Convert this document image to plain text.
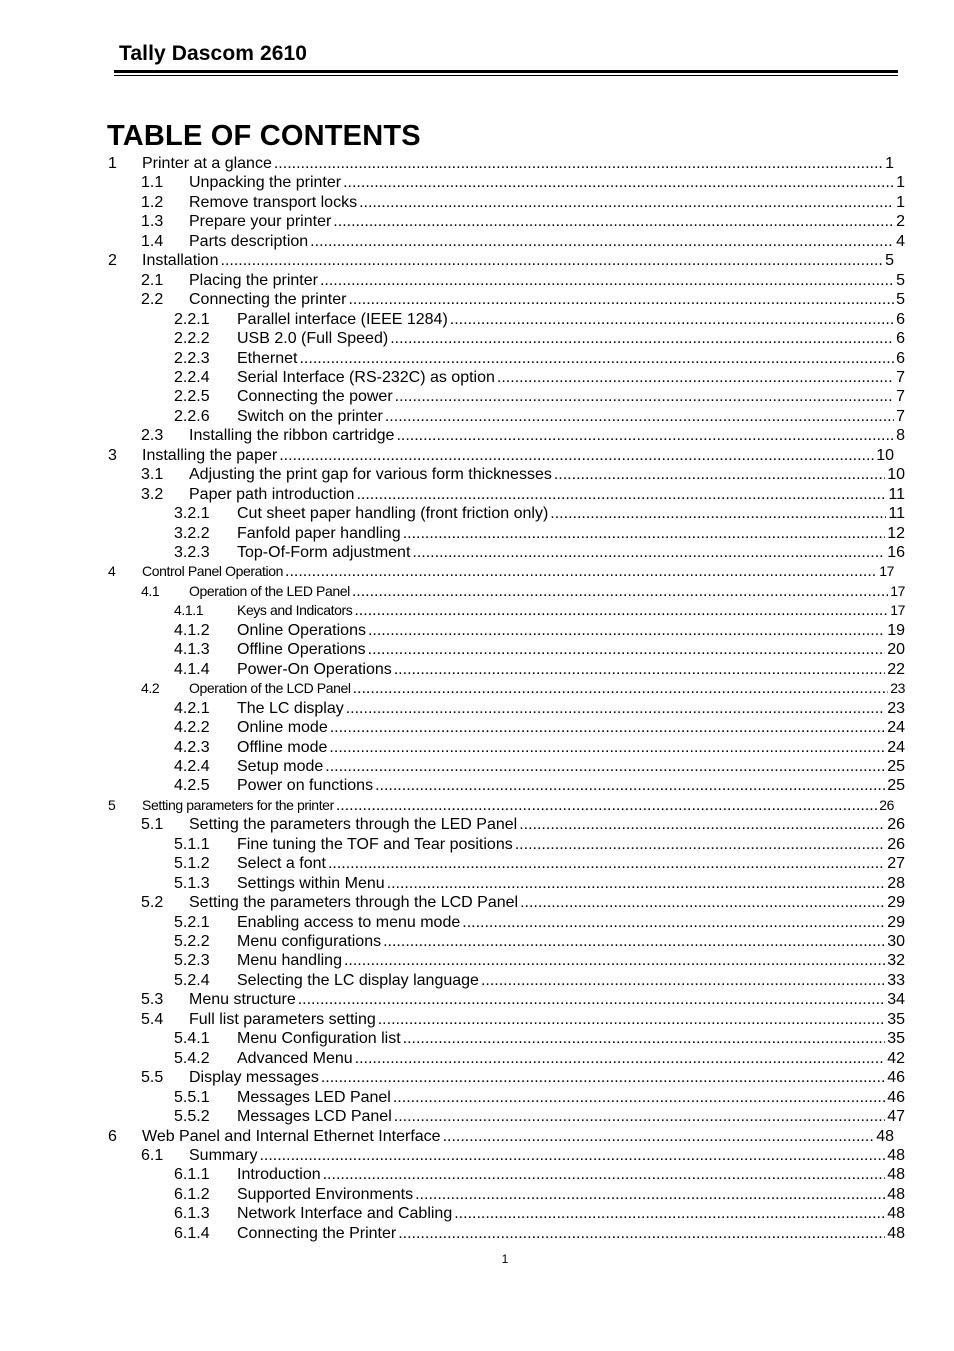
Tally Dascom 2610
TABLE OF CONTENTS
1	Printer at a glance .....	1
1.1	Unpacking the printer .....	1
1.2	Remove transport locks .....	1
1.3	Prepare your printer .....	2
1.4	Parts description .....	4
2	Installation .....	5
2.1	Placing the printer .....	5
2.2	Connecting the printer .....	5
2.2.1	Parallel interface (IEEE 1284) .....	6
2.2.2	USB 2.0 (Full Speed) .....	6
2.2.3	Ethernet .....	6
2.2.4	Serial Interface (RS-232C) as option .....	7
2.2.5	Connecting the power .....	7
2.2.6	Switch on the printer .....	7
2.3	Installing the ribbon cartridge .....	8
3	Installing the paper .....	10
3.1	Adjusting the print gap for various form thicknesses .....	10
3.2	Paper path introduction .....	11
3.2.1	Cut sheet paper handling (front friction only) .....	11
3.2.2	Fanfold paper handling .....	12
3.2.3	Top-Of-Form adjustment .....	16
4	Control Panel Operation .....	17
4.1	Operation of the LED Panel .....	17
4.1.1	Keys and Indicators .....	17
4.1.2	Online Operations .....	19
4.1.3	Offline Operations .....	20
4.1.4	Power-On Operations .....	22
4.2	Operation of the LCD Panel .....	23
4.2.1	The LC display .....	23
4.2.2	Online mode .....	24
4.2.3	Offline mode .....	24
4.2.4	Setup mode .....	25
4.2.5	Power on functions .....	25
5	Setting parameters for the printer .....	26
5.1	Setting the parameters through the LED Panel .....	26
5.1.1	Fine tuning the TOF and Tear positions .....	26
5.1.2	Select a font .....	27
5.1.3	Settings within Menu .....	28
5.2	Setting the parameters through the LCD Panel .....	29
5.2.1	Enabling access to menu mode .....	29
5.2.2	Menu configurations .....	30
5.2.3	Menu handling .....	32
5.2.4	Selecting the LC display language .....	33
5.3	Menu structure .....	34
5.4	Full list parameters setting .....	35
5.4.1	Menu Configuration list .....	35
5.4.2	Advanced Menu .....	42
5.5	Display messages .....	46
5.5.1	Messages LED Panel .....	46
5.5.2	Messages LCD Panel .....	47
6	Web Panel and Internal Ethernet Interface .....	48
6.1	Summary .....	48
6.1.1	Introduction .....	48
6.1.2	Supported Environments .....	48
6.1.3	Network Interface and Cabling .....	48
6.1.4	Connecting the Printer .....	48
1
